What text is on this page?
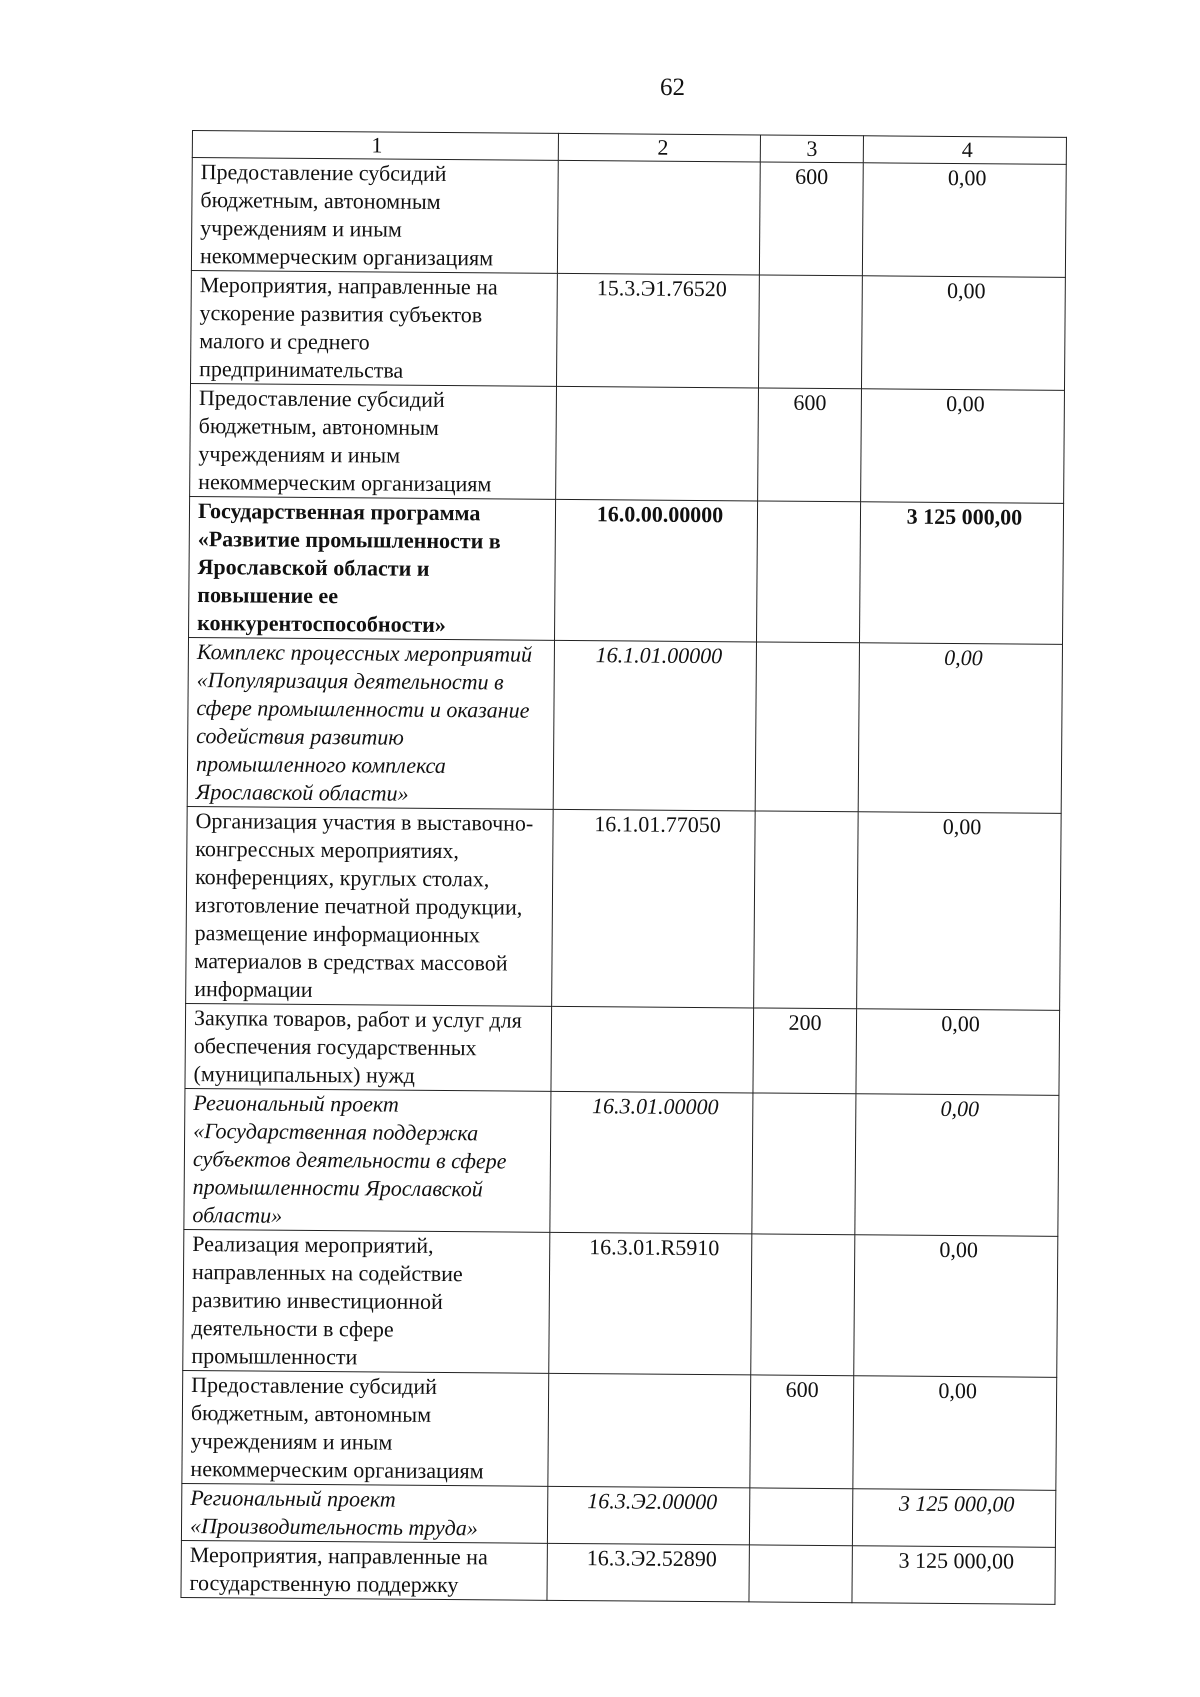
62
1	2	3	4
Предоставление субсидий бюджетным, автономным учреждениям и иным некоммерческим организациям		600	0,00
Мероприятия, направленные на ускорение развития субъектов малого и среднего предпринимательства	15.3.Э1.76520		0,00
Предоставление субсидий бюджетным, автономным учреждениям и иным некоммерческим организациям		600	0,00
Государственная программа «Развитие промышленности в Ярославской области и повышение ее конкурентоспособности»	16.0.00.00000		3 125 000,00
Комплекс процессных мероприятий «Популяризация деятельности в сфере промышленности и оказание содействия развитию промышленного комплекса Ярославской области»	16.1.01.00000		0,00
Организация участия в выставочно-конгрессных мероприятиях, конференциях, круглых столах, изготовление печатной продукции, размещение информационных материалов в средствах массовой информации	16.1.01.77050		0,00
Закупка товаров, работ и услуг для обеспечения государственных (муниципальных) нужд		200	0,00
Региональный проект «Государственная поддержка субъектов деятельности в сфере промышленности Ярославской области»	16.3.01.00000		0,00
Реализация мероприятий, направленных на содействие развитию инвестиционной деятельности в сфере промышленности	16.3.01.R5910		0,00
Предоставление субсидий бюджетным, автономным учреждениям и иным некоммерческим организациям		600	0,00
Региональный проект «Производительность труда»	16.3.Э2.00000		3 125 000,00
Мероприятия, направленные на государственную поддержку	16.3.Э2.52890		3 125 000,00
